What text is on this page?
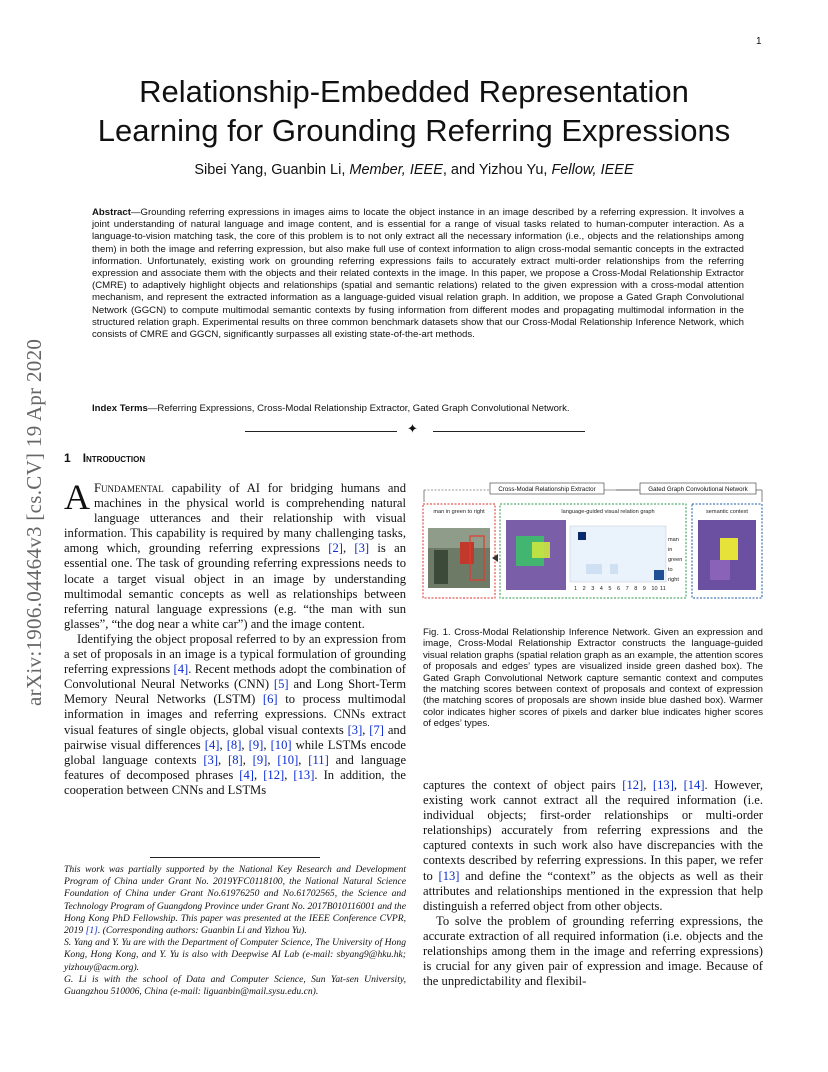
1
arXiv:1906.04464v3 [cs.CV] 19 Apr 2020
Relationship-Embedded Representation
Learning for Grounding Referring Expressions
Sibei Yang, Guanbin Li, Member, IEEE, and Yizhou Yu, Fellow, IEEE
Abstract—Grounding referring expressions in images aims to locate the object instance in an image described by a referring expression. It involves a joint understanding of natural language and image content, and is essential for a range of visual tasks related to human-computer interaction. As a language-to-vision matching task, the core of this problem is to not only extract all the necessary information (i.e., objects and the relationships among them) in both the image and referring expression, but also make full use of context information to align cross-modal semantic concepts in the extracted information. Unfortunately, existing work on grounding referring expressions fails to accurately extract multi-order relationships from the referring expression and associate them with the objects and their related contexts in the image. In this paper, we propose a Cross-Modal Relationship Extractor (CMRE) to adaptively highlight objects and relationships (spatial and semantic relations) related to the given expression with a cross-modal attention mechanism, and represent the extracted information as a language-guided visual relation graph. In addition, we propose a Gated Graph Convolutional Network (GGCN) to compute multimodal semantic contexts by fusing information from different modes and propagating multimodal information in the structured relation graph. Experimental results on three common benchmark datasets show that our Cross-Modal Relationship Inference Network, which consists of CMRE and GGCN, significantly surpasses all existing state-of-the-art methods.
Index Terms—Referring Expressions, Cross-Modal Relationship Extractor, Gated Graph Convolutional Network.
✦
1 Introduction

A Fundamental capability of AI for bridging humans and machines in the physical world is comprehending natural language utterances and their relationship with visual information. This capability is required by many challenging tasks, among which, grounding referring expressions [2], [3] is an essential one. The task of grounding referring expressions needs to locate a target visual object in an image by understanding multimodal semantic concepts as well as relationships between referring natural language expressions (e.g. “the man with sun glasses”, “the dog near a white car”) and the image content.

Identifying the object proposal referred to by an expression from a set of proposals in an image is a typical formulation of grounding referring expressions [4]. Recent methods adopt the combination of Convolutional Neural Networks (CNN) [5] and Long Short-Term Memory Neural Networks (LSTM) [6] to process multimodal information in images and referring expressions. CNNs extract visual features of single objects, global visual contexts [3], [7] and pairwise visual differences [4], [8], [9], [10] while LSTMs encode global language contexts [3], [8], [9], [10], [11] and language features of decomposed phrases [4], [12], [13]. In addition, the cooperation between CNNs and LSTMs

This work was partially supported by the National Key Research and Development Program of China under Grant No. 2019YFC0118100, the National Natural Science Foundation of China under Grant No.61976250 and No.61702565, the Science and Technology Program of Guangdong Province under Grant No. 2017B010116001 and the Hong Kong PhD Fellowship. This paper was presented at the IEEE Conference CVPR, 2019 [1]. (Corresponding authors: Guanbin Li and Yizhou Yu).

S. Yang and Y. Yu are with the Department of Computer Science, The University of Hong Kong, Hong Kong, and Y. Yu is also with Deepwise AI Lab (e-mail: sbyang9@hku.hk; yizhouy@acm.org).

G. Li is with the school of Data and Computer Science, Sun Yat-sen University, Guangzhou 510006, China (e-mail: liguanbin@mail.sysu.edu.cn).

Cross-Modal Relationship Extractor	Gated Graph Convolutional Network
man in green to right	language-guided visual relation graph
man
in
green
to
right
1 2 3 4 5 6 7 8 9 10 11
semantic context
Fig. 1. Cross-Modal Relationship Inference Network. Given an expression and image, Cross-Modal Relationship Extractor constructs the language-guided visual relation graphs (spatial relation graph as an example, the attention scores of proposals and edges’ types are visualized inside green dashed box). The Gated Graph Convolutional Network capture semantic context and computes the matching scores between context of proposals and context of expression (the matching scores of proposals are shown inside blue dashed box). Warmer color indicates higher scores of pixels and darker blue indicates higher scores of edges’ types.

captures the context of object pairs [12], [13], [14]. However, existing work cannot extract all the required information (i.e. individual objects; first-order relationships or multi-order relationships) accurately from referring expressions and the captured contexts in such work also have discrepancies with the contexts described by referring expressions. In this paper, we refer to [13] and define the “context” as the objects as well as their attributes and relationships mentioned in the expression that help distinguish a referred object from other objects.

To solve the problem of grounding referring expressions, the accurate extraction of all required information (i.e. objects and the relationships among them in the image and referring expressions) is crucial for any given pair of expression and image. Because of the unpredictability and flexibil-
